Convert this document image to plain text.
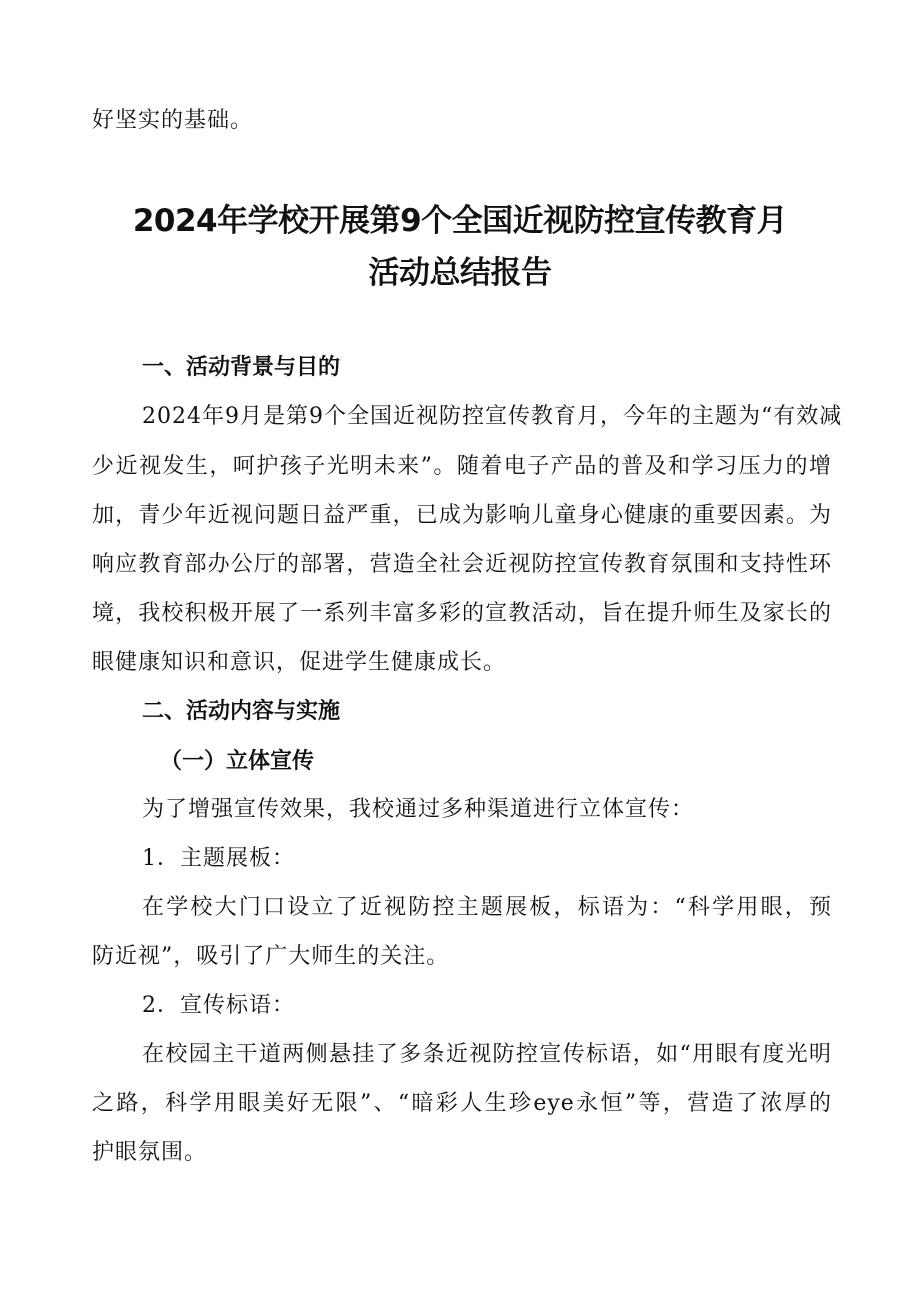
好坚实的基础。

2024年学校开展第9个全国近视防控宣传教育月
活动总结报告
一、活动背景与目的

2024年9月是第9个全国近视防控宣传教育月，今年的主题为“有效减

少近视发生，呵护孩子光明未来”。随着电子产品的普及和学习压力的增

加，青少年近视问题日益严重，已成为影响儿童身心健康的重要因素。为

响应教育部办公厅的部署，营造全社会近视防控宣传教育氛围和支持性环

境，我校积极开展了一系列丰富多彩的宣教活动，旨在提升师生及家长的

眼健康知识和意识，促进学生健康成长。

二、活动内容与实施
（一）立体宣传

为了增强宣传效果，我校通过多种渠道进行立体宣传：

1．主题展板：

在学校大门口设立了近视防控主题展板，标语为：“科学用眼，预

防近视”，吸引了广大师生的关注。

2．宣传标语：

在校园主干道两侧悬挂了多条近视防控宣传标语，如“用眼有度光明

之路，科学用眼美好无限”、“暗彩人生珍eye永恒”等，营造了浓厚的

护眼氛围。
